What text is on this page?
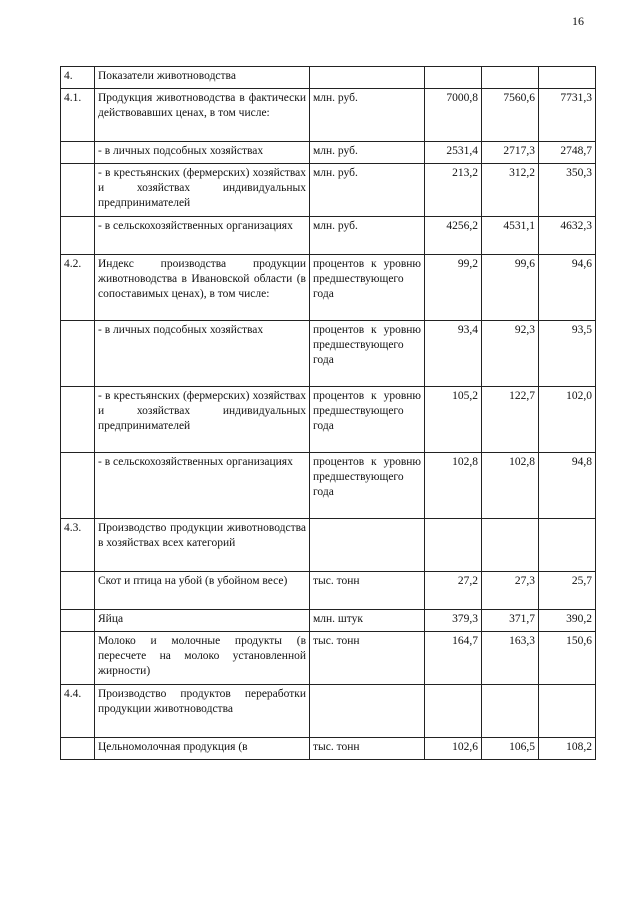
16
4.	Показатели животноводства				
4.1.	Продукция животноводства в фактически действовавших ценах, в том числе:	млн. руб.	7000,8	7560,6	7731,3
	- в личных подсобных хозяйствах	млн. руб.	2531,4	2717,3	2748,7
	- в крестьянских (фермерских) хозяйствах и хозяйствах индивидуальных предпринимателей	млн. руб.	213,2	312,2	350,3
	- в сельскохозяйственных организациях	млн. руб.	4256,2	4531,1	4632,3
4.2.	Индекс производства продукции животноводства в Ивановской области (в сопоставимых ценах), в том числе:	процентов к уровню предшествующего года	99,2	99,6	94,6
	- в личных подсобных хозяйствах	процентов к уровню предшествующего года	93,4	92,3	93,5
	- в крестьянских (фермерских) хозяйствах и хозяйствах индивидуальных предпринимателей	процентов к уровню предшествующего года	105,2	122,7	102,0
	- в сельскохозяйственных организациях	процентов к уровню предшествующего года	102,8	102,8	94,8
4.3.	Производство продукции животноводства в хозяйствах всех категорий				
	Скот и птица на убой (в убойном весе)	тыс. тонн	27,2	27,3	25,7
	Яйца	млн. штук	379,3	371,7	390,2
	Молоко и молочные продукты (в пересчете на молоко установленной жирности)	тыс. тонн	164,7	163,3	150,6
4.4.	Производство продуктов переработки продукции животноводства				
	Цельномолочная продукция (в	тыс. тонн	102,6	106,5	108,2
